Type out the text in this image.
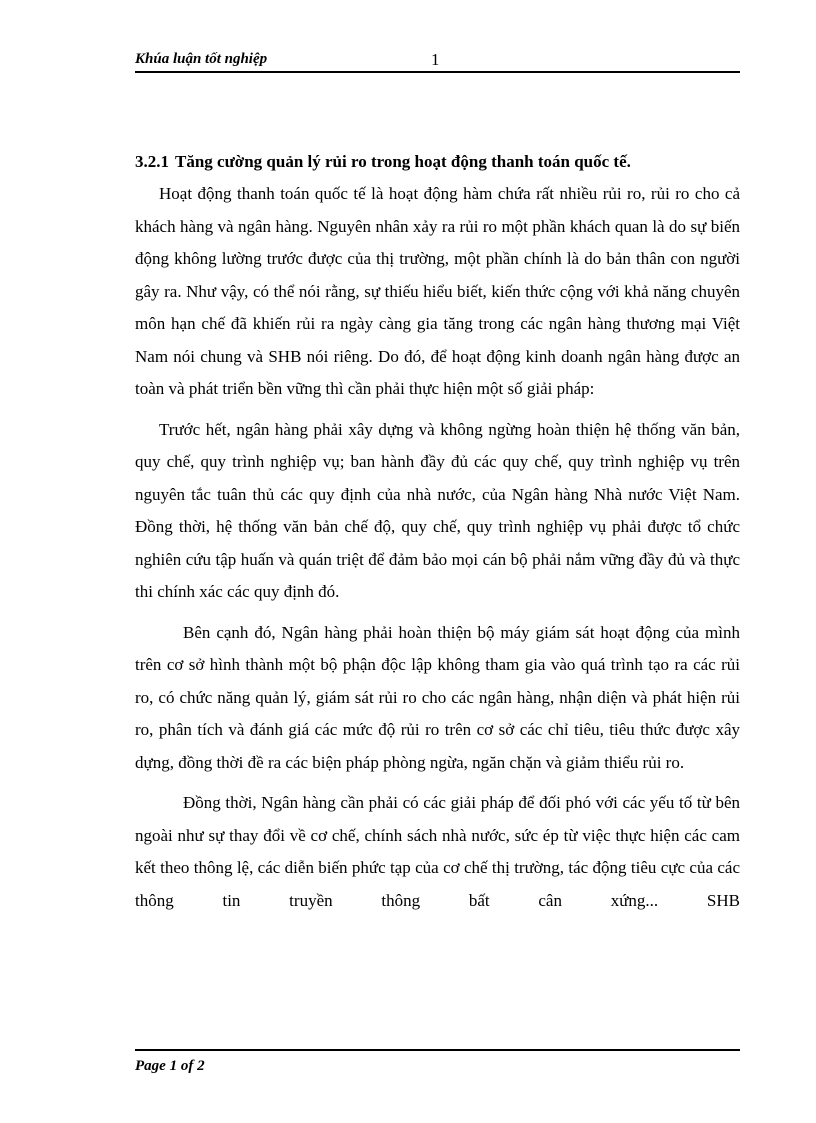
Khúa luận tốt nghiệp	1

3.2.1 Tăng cường quản lý rủi ro trong hoạt động thanh toán quốc tế.

Hoạt động thanh toán quốc tế là hoạt động hàm chứa rất nhiều rủi ro, rủi ro cho cả khách hàng và ngân hàng. Nguyên nhân xảy ra rủi ro một phần khách quan là do sự biến động không lường trước được của thị trường, một phần chính là do bản thân con người gây ra. Như vậy, có thể nói rằng, sự thiếu hiểu biết, kiến thức cộng với khả năng chuyên môn hạn chế đã khiến rủi ra ngày càng gia tăng trong các ngân hàng thương mại Việt Nam nói chung và SHB nói riêng. Do đó, để hoạt động kinh doanh ngân hàng được an toàn và phát triển bền vững thì cần phải thực hiện một số giải pháp:

Trước hết, ngân hàng phải xây dựng và không ngừng hoàn thiện hệ thống văn bản, quy chế, quy trình nghiệp vụ; ban hành đầy đủ các quy chế, quy trình nghiệp vụ trên nguyên tắc tuân thủ các quy định của nhà nước, của Ngân hàng Nhà nước Việt Nam. Đồng thời, hệ thống văn bản chế độ, quy chế, quy trình nghiệp vụ phải được tổ chức nghiên cứu tập huấn và quán triệt để đảm bảo mọi cán bộ phải nắm vững đầy đủ và thực thi chính xác các quy định đó.

Bên cạnh đó, Ngân hàng phải hoàn thiện bộ máy giám sát hoạt động của mình trên cơ sở hình thành một bộ phận độc lập không tham gia vào quá trình tạo ra các rủi ro, có chức năng quản lý, giám sát rủi ro cho các ngân hàng, nhận diện và phát hiện rủi ro, phân tích và đánh giá các mức độ rủi ro trên cơ sở các chỉ tiêu, tiêu thức được xây dựng, đồng thời đề ra các biện pháp phòng ngừa, ngăn chặn và giảm thiểu rủi ro.

Đồng thời, Ngân hàng cần phải có các giải pháp để đối phó với các yếu tố từ bên ngoài như sự thay đổi về cơ chế, chính sách nhà nước, sức ép từ việc thực hiện các cam kết theo thông lệ, các diễn biến phức tạp của cơ chế thị trường, tác động tiêu cực của các thông tin truyền thông bất cân xứng... SHB

Page 1 of 2
